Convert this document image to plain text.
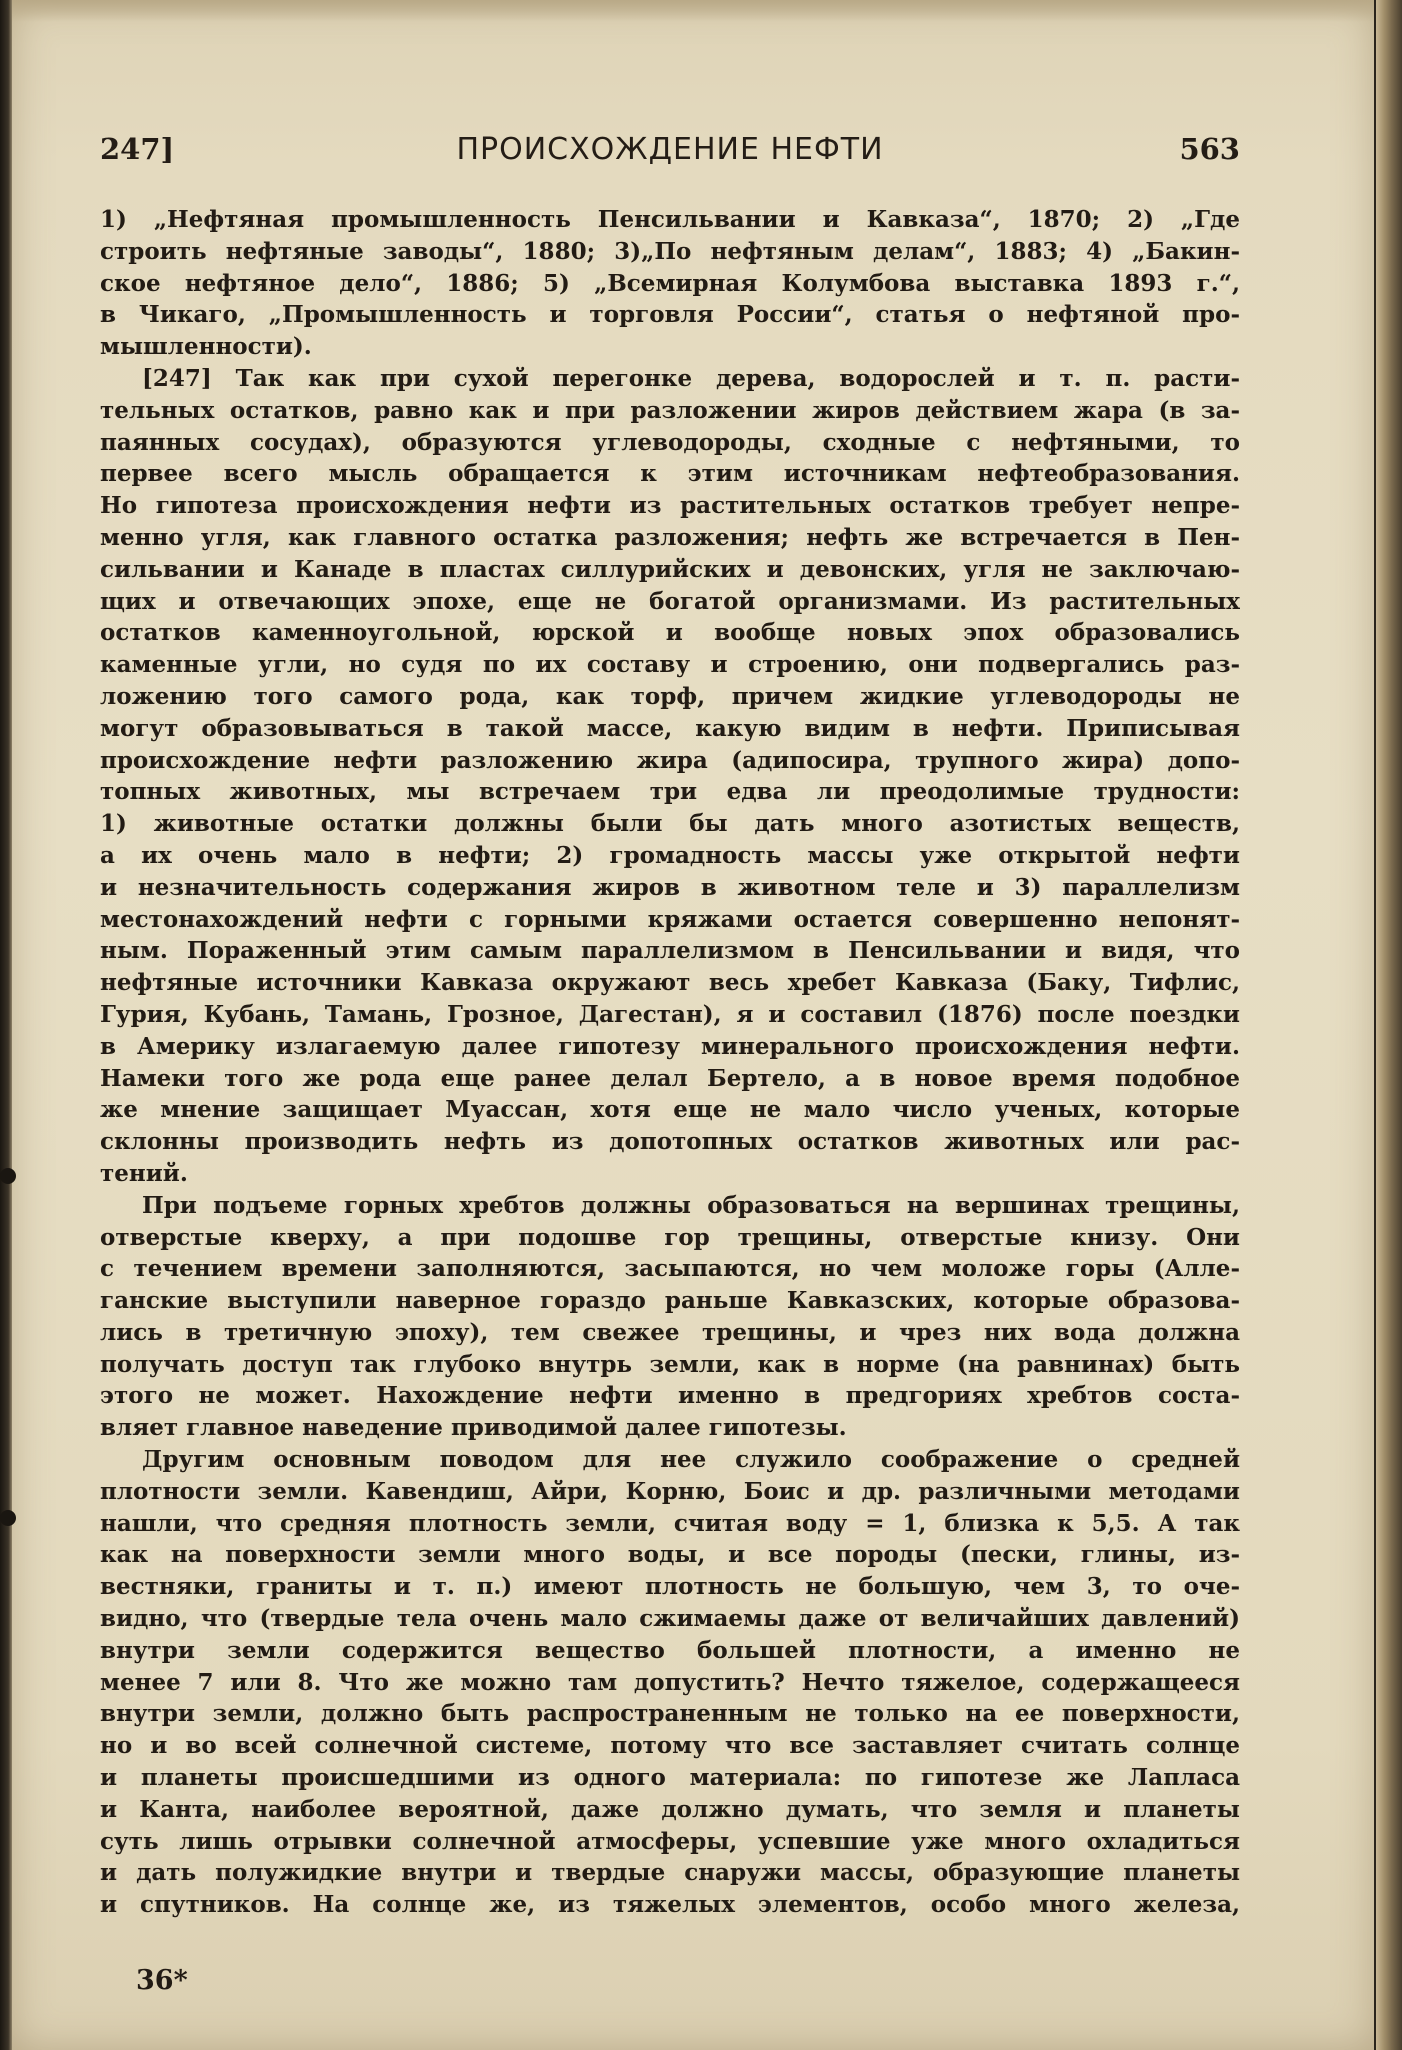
247]	ПРОИСХОЖДЕНИЕ НЕФТИ	563
1) „Нефтяная промышленность Пенсильвании и Кавказа“, 1870; 2) „Где
строить нефтяные заводы“, 1880; 3)„По нефтяным делам“, 1883; 4) „Бакин-
ское нефтяное дело“, 1886; 5) „Всемирная Колумбова выставка 1893 г.“,
в Чикаго, „Промышленность и торговля России“, статья о нефтяной про-
мышленности).
[247] Так как при сухой перегонке дерева, водорослей и т. п. расти-
тельных остатков, равно как и при разложении жиров действием жара (в за-
паянных сосудах), образуются углеводороды, сходные с нефтяными, то
первее всего мысль обращается к этим источникам нефтеобразования.
Но гипотеза происхождения нефти из растительных остатков требует непре-
менно угля, как главного остатка разложения; нефть же встречается в Пен-
сильвании и Канаде в пластах силлурийских и девонских, угля не заключаю-
щих и отвечающих эпохе, еще не богатой организмами. Из растительных
остатков каменноугольной, юрской и вообще новых эпох образовались
каменные угли, но судя по их составу и строению, они подвергались раз-
ложению того самого рода, как торф, причем жидкие углеводороды не
могут образовываться в такой массе, какую видим в нефти. Приписывая
происхождение нефти разложению жира (адипосира, трупного жира) допо-
топных животных, мы встречаем три едва ли преодолимые трудности:
1) животные остатки должны были бы дать много азотистых веществ,
а их очень мало в нефти; 2) громадность массы уже открытой нефти
и незначительность содержания жиров в животном теле и 3) параллелизм
местонахождений нефти с горными кряжами остается совершенно непонят-
ным. Пораженный этим самым параллелизмом в Пенсильвании и видя, что
нефтяные источники Кавказа окружают весь хребет Кавказа (Баку, Тифлис,
Гурия, Кубань, Тамань, Грозное, Дагестан), я и составил (1876) после поездки
в Америку излагаемую далее гипотезу минерального происхождения нефти.
Намеки того же рода еще ранее делал Бертело, а в новое время подобное
же мнение защищает Муассан, хотя еще не мало число ученых, которые
склонны производить нефть из допотопных остатков животных или рас-
тений.
При подъеме горных хребтов должны образоваться на вершинах трещины,
отверстые кверху, а при подошве гор трещины, отверстые книзу. Они
с течением времени заполняются, засыпаются, но чем моложе горы (Алле-
ганские выступили наверное гораздо раньше Кавказских, которые образова-
лись в третичную эпоху), тем свежее трещины, и чрез них вода должна
получать доступ так глубоко внутрь земли, как в норме (на равнинах) быть
этого не может. Нахождение нефти именно в предгориях хребтов соста-
вляет главное наведение приводимой далее гипотезы.
Другим основным поводом для нее служило соображение о средней
плотности земли. Кавендиш, Айри, Корню, Боис и др. различными методами
нашли, что средняя плотность земли, считая воду = 1, близка к 5,5. А так
как на поверхности земли много воды, и все породы (пески, глины, из-
вестняки, граниты и т. п.) имеют плотность не большую, чем 3, то оче-
видно, что (твердые тела очень мало сжимаемы даже от величайших давлений)
внутри земли содержится вещество большей плотности, а именно не
менее 7 или 8. Что же можно там допустить? Нечто тяжелое, содержащееся
внутри земли, должно быть распространенным не только на ее поверхности,
но и во всей солнечной системе, потому что все заставляет считать солнце
и планеты происшедшими из одного материала: по гипотезе же Лапласа
и Канта, наиболее вероятной, даже должно думать, что земля и планеты
суть лишь отрывки солнечной атмосферы, успевшие уже много охладиться
и дать полужидкие внутри и твердые снаружи массы, образующие планеты
и спутников. На солнце же, из тяжелых элементов, особо много железа,
36*
